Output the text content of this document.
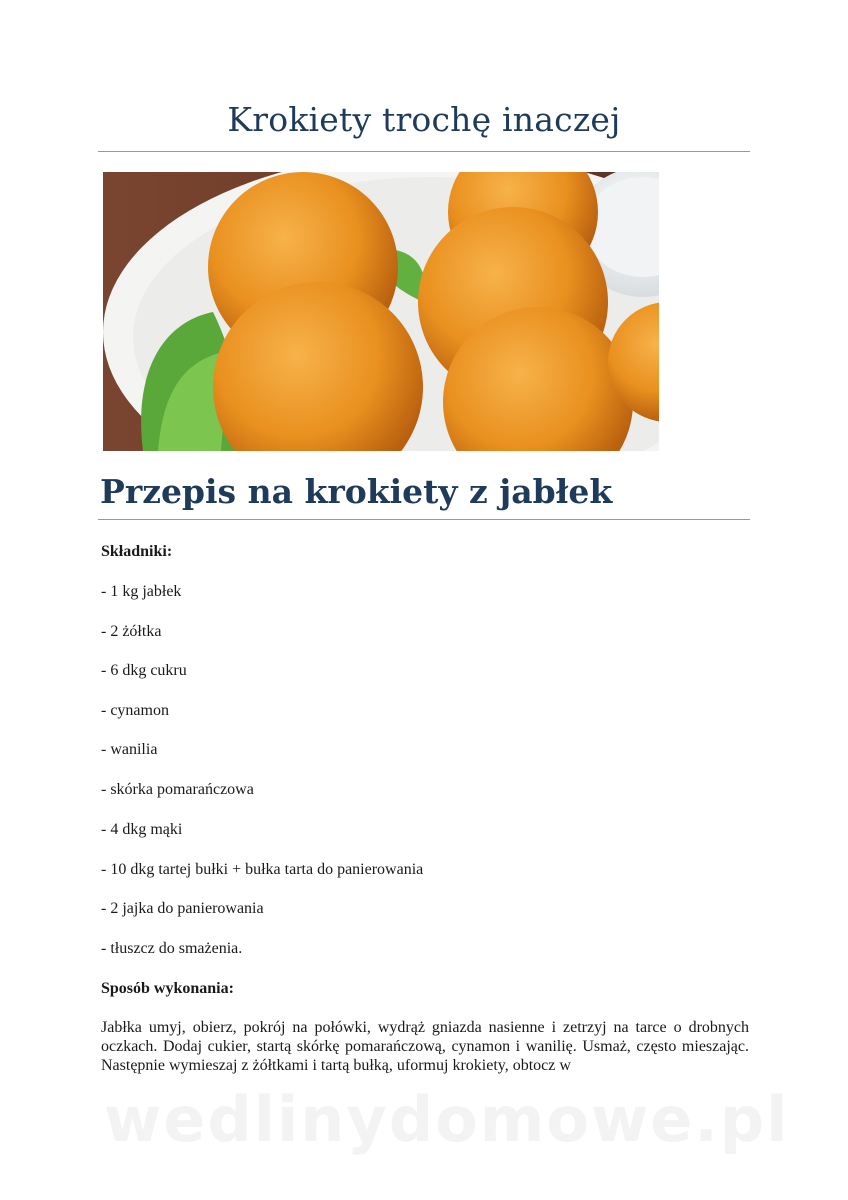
Krokiety trochę inaczej
Przepis na krokiety z jabłek

Składniki:

- 1 kg jabłek

- 2 żółtka

- 6 dkg cukru

- cynamon

- wanilia

- skórka pomarańczowa

- 4 dkg mąki

- 10 dkg tartej bułki + bułka tarta do panierowania

- 2 jajka do panierowania

- tłuszcz do smażenia.

Sposób wykonania:

Jabłka umyj, obierz, pokrój na połówki, wydrąż gniazda nasienne i zetrzyj na tarce o drobnych oczkach. Dodaj cukier, startą skórkę pomarańczową, cynamon i wanilię. Usmaż, często mieszając. Następnie wymieszaj z żółtkami i tartą bułką, uformuj krokiety, obtocz w

wedlinydomowe.pl
